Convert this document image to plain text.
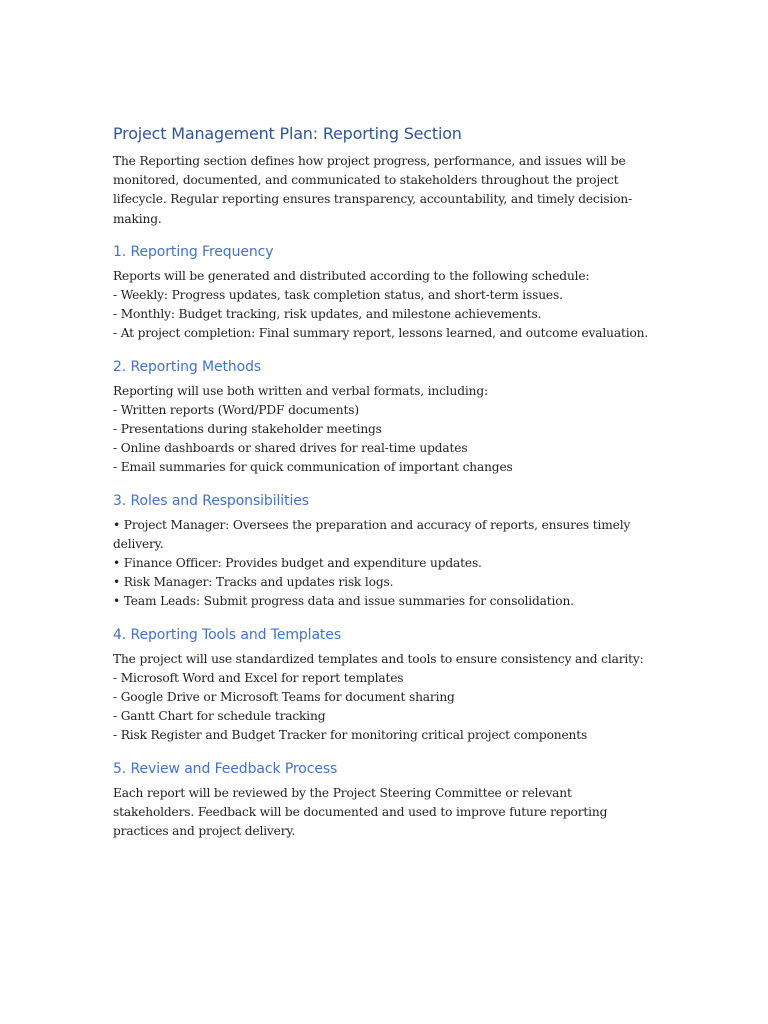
Project Management Plan: Reporting Section

The Reporting section defines how project progress, performance, and issues will be monitored, documented, and communicated to stakeholders throughout the project lifecycle. Regular reporting ensures transparency, accountability, and timely decision-making.

1. Reporting Frequency
Reports will be generated and distributed according to the following schedule:
- Weekly: Progress updates, task completion status, and short-term issues.
- Monthly: Budget tracking, risk updates, and milestone achievements.
- At project completion: Final summary report, lessons learned, and outcome evaluation.
2. Reporting Methods
Reporting will use both written and verbal formats, including:
- Written reports (Word/PDF documents)
- Presentations during stakeholder meetings
- Online dashboards or shared drives for real-time updates
- Email summaries for quick communication of important changes
3. Roles and Responsibilities
• Project Manager: Oversees the preparation and accuracy of reports, ensures timely delivery.
• Finance Officer: Provides budget and expenditure updates.
• Risk Manager: Tracks and updates risk logs.
• Team Leads: Submit progress data and issue summaries for consolidation.
4. Reporting Tools and Templates
The project will use standardized templates and tools to ensure consistency and clarity:
- Microsoft Word and Excel for report templates
- Google Drive or Microsoft Teams for document sharing
- Gantt Chart for schedule tracking
- Risk Register and Budget Tracker for monitoring critical project components
5. Review and Feedback Process

Each report will be reviewed by the Project Steering Committee or relevant stakeholders. Feedback will be documented and used to improve future reporting practices and project delivery.
